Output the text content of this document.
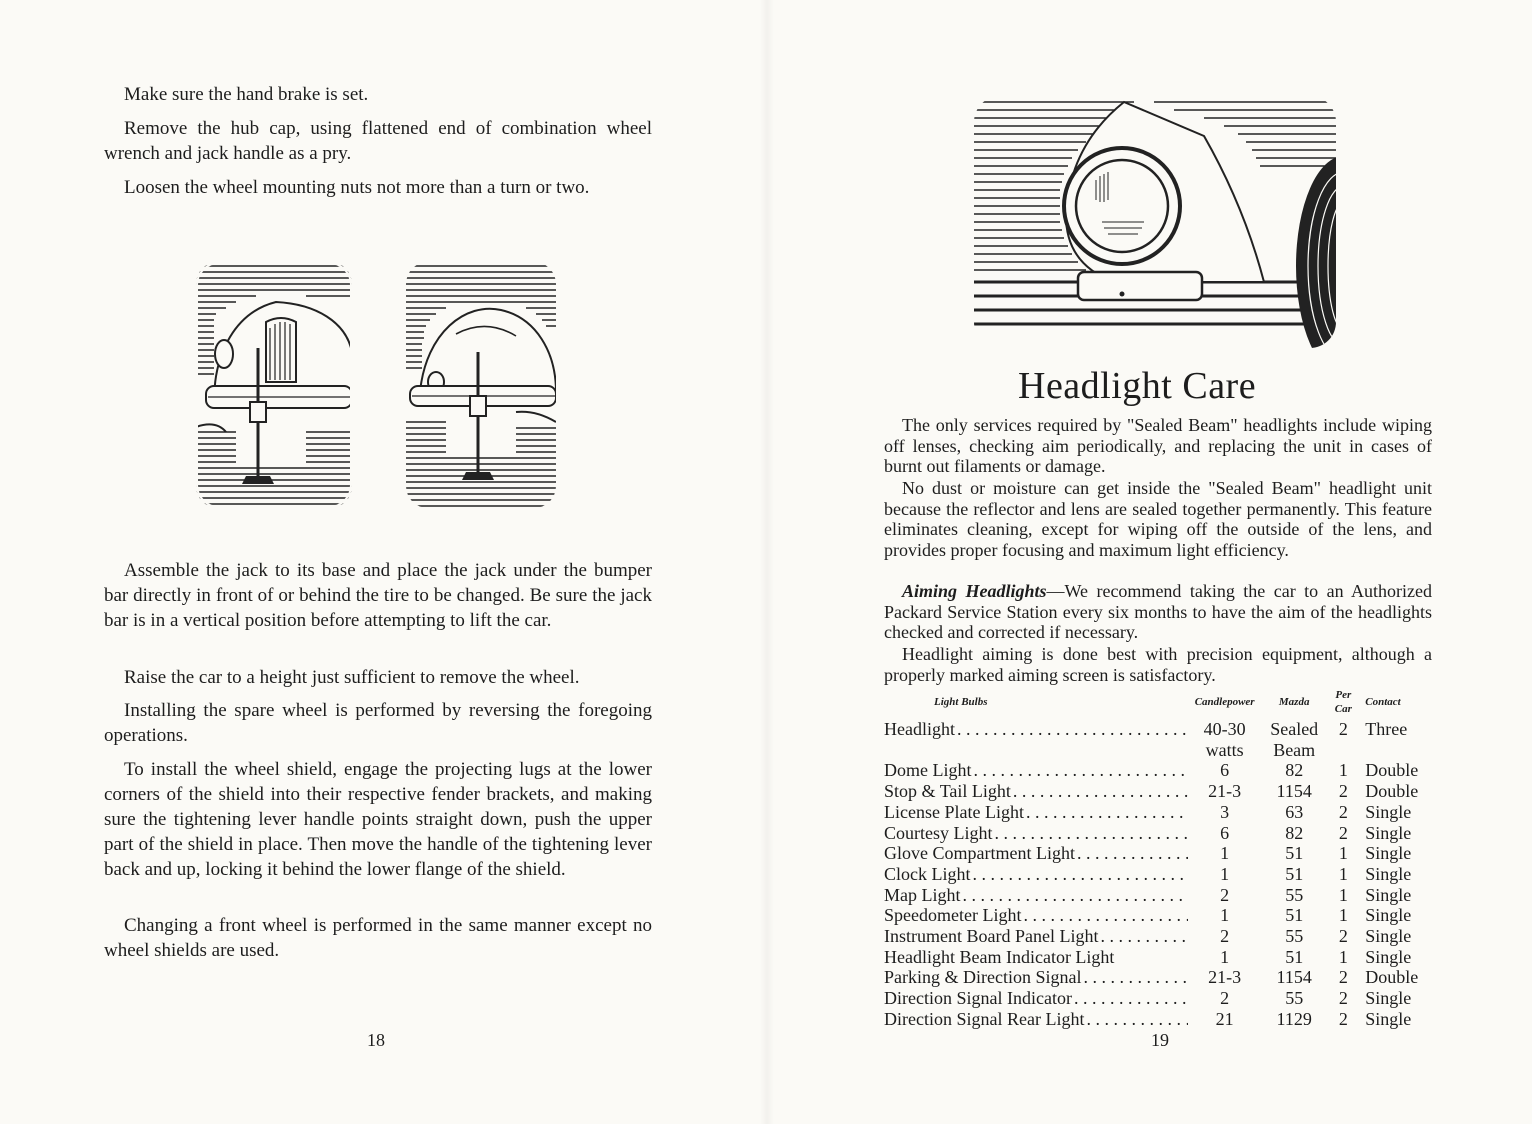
Make sure the hand brake is set.

Remove the hub cap, using flattened end of combination wheel wrench and jack handle as a pry.

Loosen the wheel mounting nuts not more than a turn or two.

Assemble the jack to its base and place the jack under the bumper bar directly in front of or behind the tire to be changed. Be sure the jack bar is in a vertical position before attempting to lift the car.

Raise the car to a height just sufficient to remove the wheel.

Installing the spare wheel is performed by reversing the foregoing operations.

To install the wheel shield, engage the projecting lugs at the lower corners of the shield into their respective fender brackets, and making sure the tightening lever handle points straight down, push the upper part of the shield in place. Then move the handle of the tightening lever back and up, locking it behind the lower flange of the shield.

Changing a front wheel is performed in the same manner except no wheel shields are used.

18
Headlight Care

The only services required by "Sealed Beam" headlights include wiping off lenses, checking aim periodically, and replacing the unit in cases of burnt out filaments or damage.

No dust or moisture can get inside the "Sealed Beam" headlight unit because the reflector and lens are sealed together permanently. This feature eliminates cleaning, except for wiping off the outside of the lens, and provides proper focusing and maximum light efficiency.

Aiming Headlights—We recommend taking the car to an Authorized Packard Service Station every six months to have the aim of the headlights checked and corrected if necessary.

Headlight aiming is done best with precision equipment, although a properly marked aiming screen is satisfactory.

Light Bulbs	Candlepower	Mazda	Per Car	Contact
Headlight	40-30 watts	Sealed Beam	2	Three
Dome Light	6	82	1	Double
Stop & Tail Light	21-3	1154	2	Double
License Plate Light	3	63	2	Single
Courtesy Light	6	82	2	Single
Glove Compartment Light	1	51	1	Single
Clock Light	1	51	1	Single
Map Light	2	55	1	Single
Speedometer Light	1	51	1	Single
Instrument Board Panel Light	2	55	2	Single
Headlight Beam Indicator Light	1	51	1	Single
Parking & Direction Signal	21-3	1154	2	Double
Direction Signal Indicator	2	55	2	Single
Direction Signal Rear Light	21	1129	2	Single
19
